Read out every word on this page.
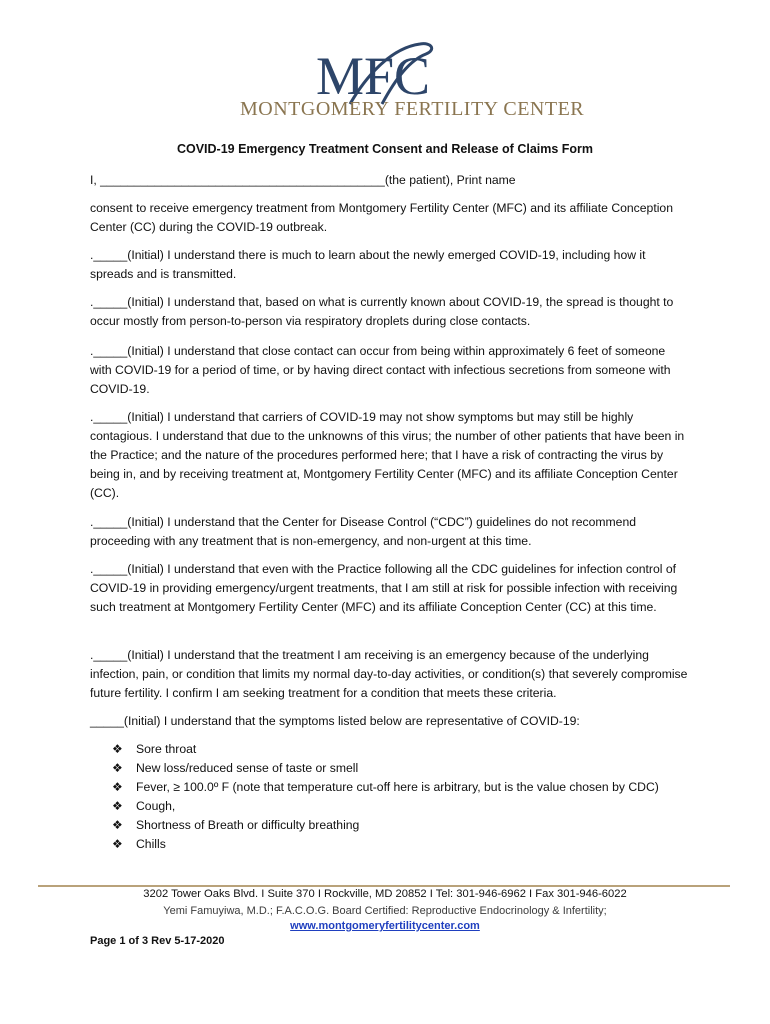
MFC
MONTGOMERY FERTILITY CENTER
COVID-19 Emergency Treatment Consent and Release of Claims Form

I, __________________________________________(the patient), Print name

consent to receive emergency treatment from Montgomery Fertility Center (MFC) and its affiliate Conception Center (CC) during the COVID-19 outbreak.

._____(Initial) I understand there is much to learn about the newly emerged COVID-19, including how it spreads and is transmitted.

._____(Initial) I understand that, based on what is currently known about COVID-19, the spread is thought to occur mostly from person-to-person via respiratory droplets during close contacts.

._____(Initial) I understand that close contact can occur from being within approximately 6 feet of someone with COVID-19 for a period of time, or by having direct contact with infectious secretions from someone with COVID-19.

._____(Initial) I understand that carriers of COVID-19 may not show symptoms but may still be highly contagious. I understand that due to the unknowns of this virus; the number of other patients that have been in the Practice; and the nature of the procedures performed here; that I have a risk of contracting the virus by being in, and by receiving treatment at, Montgomery Fertility Center (MFC) and its affiliate Conception Center (CC).

._____(Initial) I understand that the Center for Disease Control (“CDC”) guidelines do not recommend proceeding with any treatment that is non-emergency, and non-urgent at this time.

._____(Initial) I understand that even with the Practice following all the CDC guidelines for infection control of COVID-19 in providing emergency/urgent treatments, that I am still at risk for possible infection with receiving such treatment at Montgomery Fertility Center (MFC) and its affiliate Conception Center (CC) at this time.

._____(Initial) I understand that the treatment I am receiving is an emergency because of the underlying infection, pain, or condition that limits my normal day-to-day activities, or condition(s) that severely compromise future fertility. I confirm I am seeking treatment for a condition that meets these criteria.

_____(Initial) I understand that the symptoms listed below are representative of COVID-19:

❖ Sore throat
❖ New loss/reduced sense of taste or smell
❖ Fever, ≥ 100.0º F (note that temperature cut-off here is arbitrary, but is the value chosen by CDC)
❖ Cough,
❖ Shortness of Breath or difficulty breathing
❖ Chills
3202 Tower Oaks Blvd. I Suite 370 I Rockville, MD 20852 I Tel: 301-946-6962 I Fax 301-946-6022
Yemi Famuyiwa, M.D.; F.A.C.O.G. Board Certified: Reproductive Endocrinology & Infertility;
www.montgomeryfertilitycenter.com
Page 1 of 3 Rev 5-17-2020
